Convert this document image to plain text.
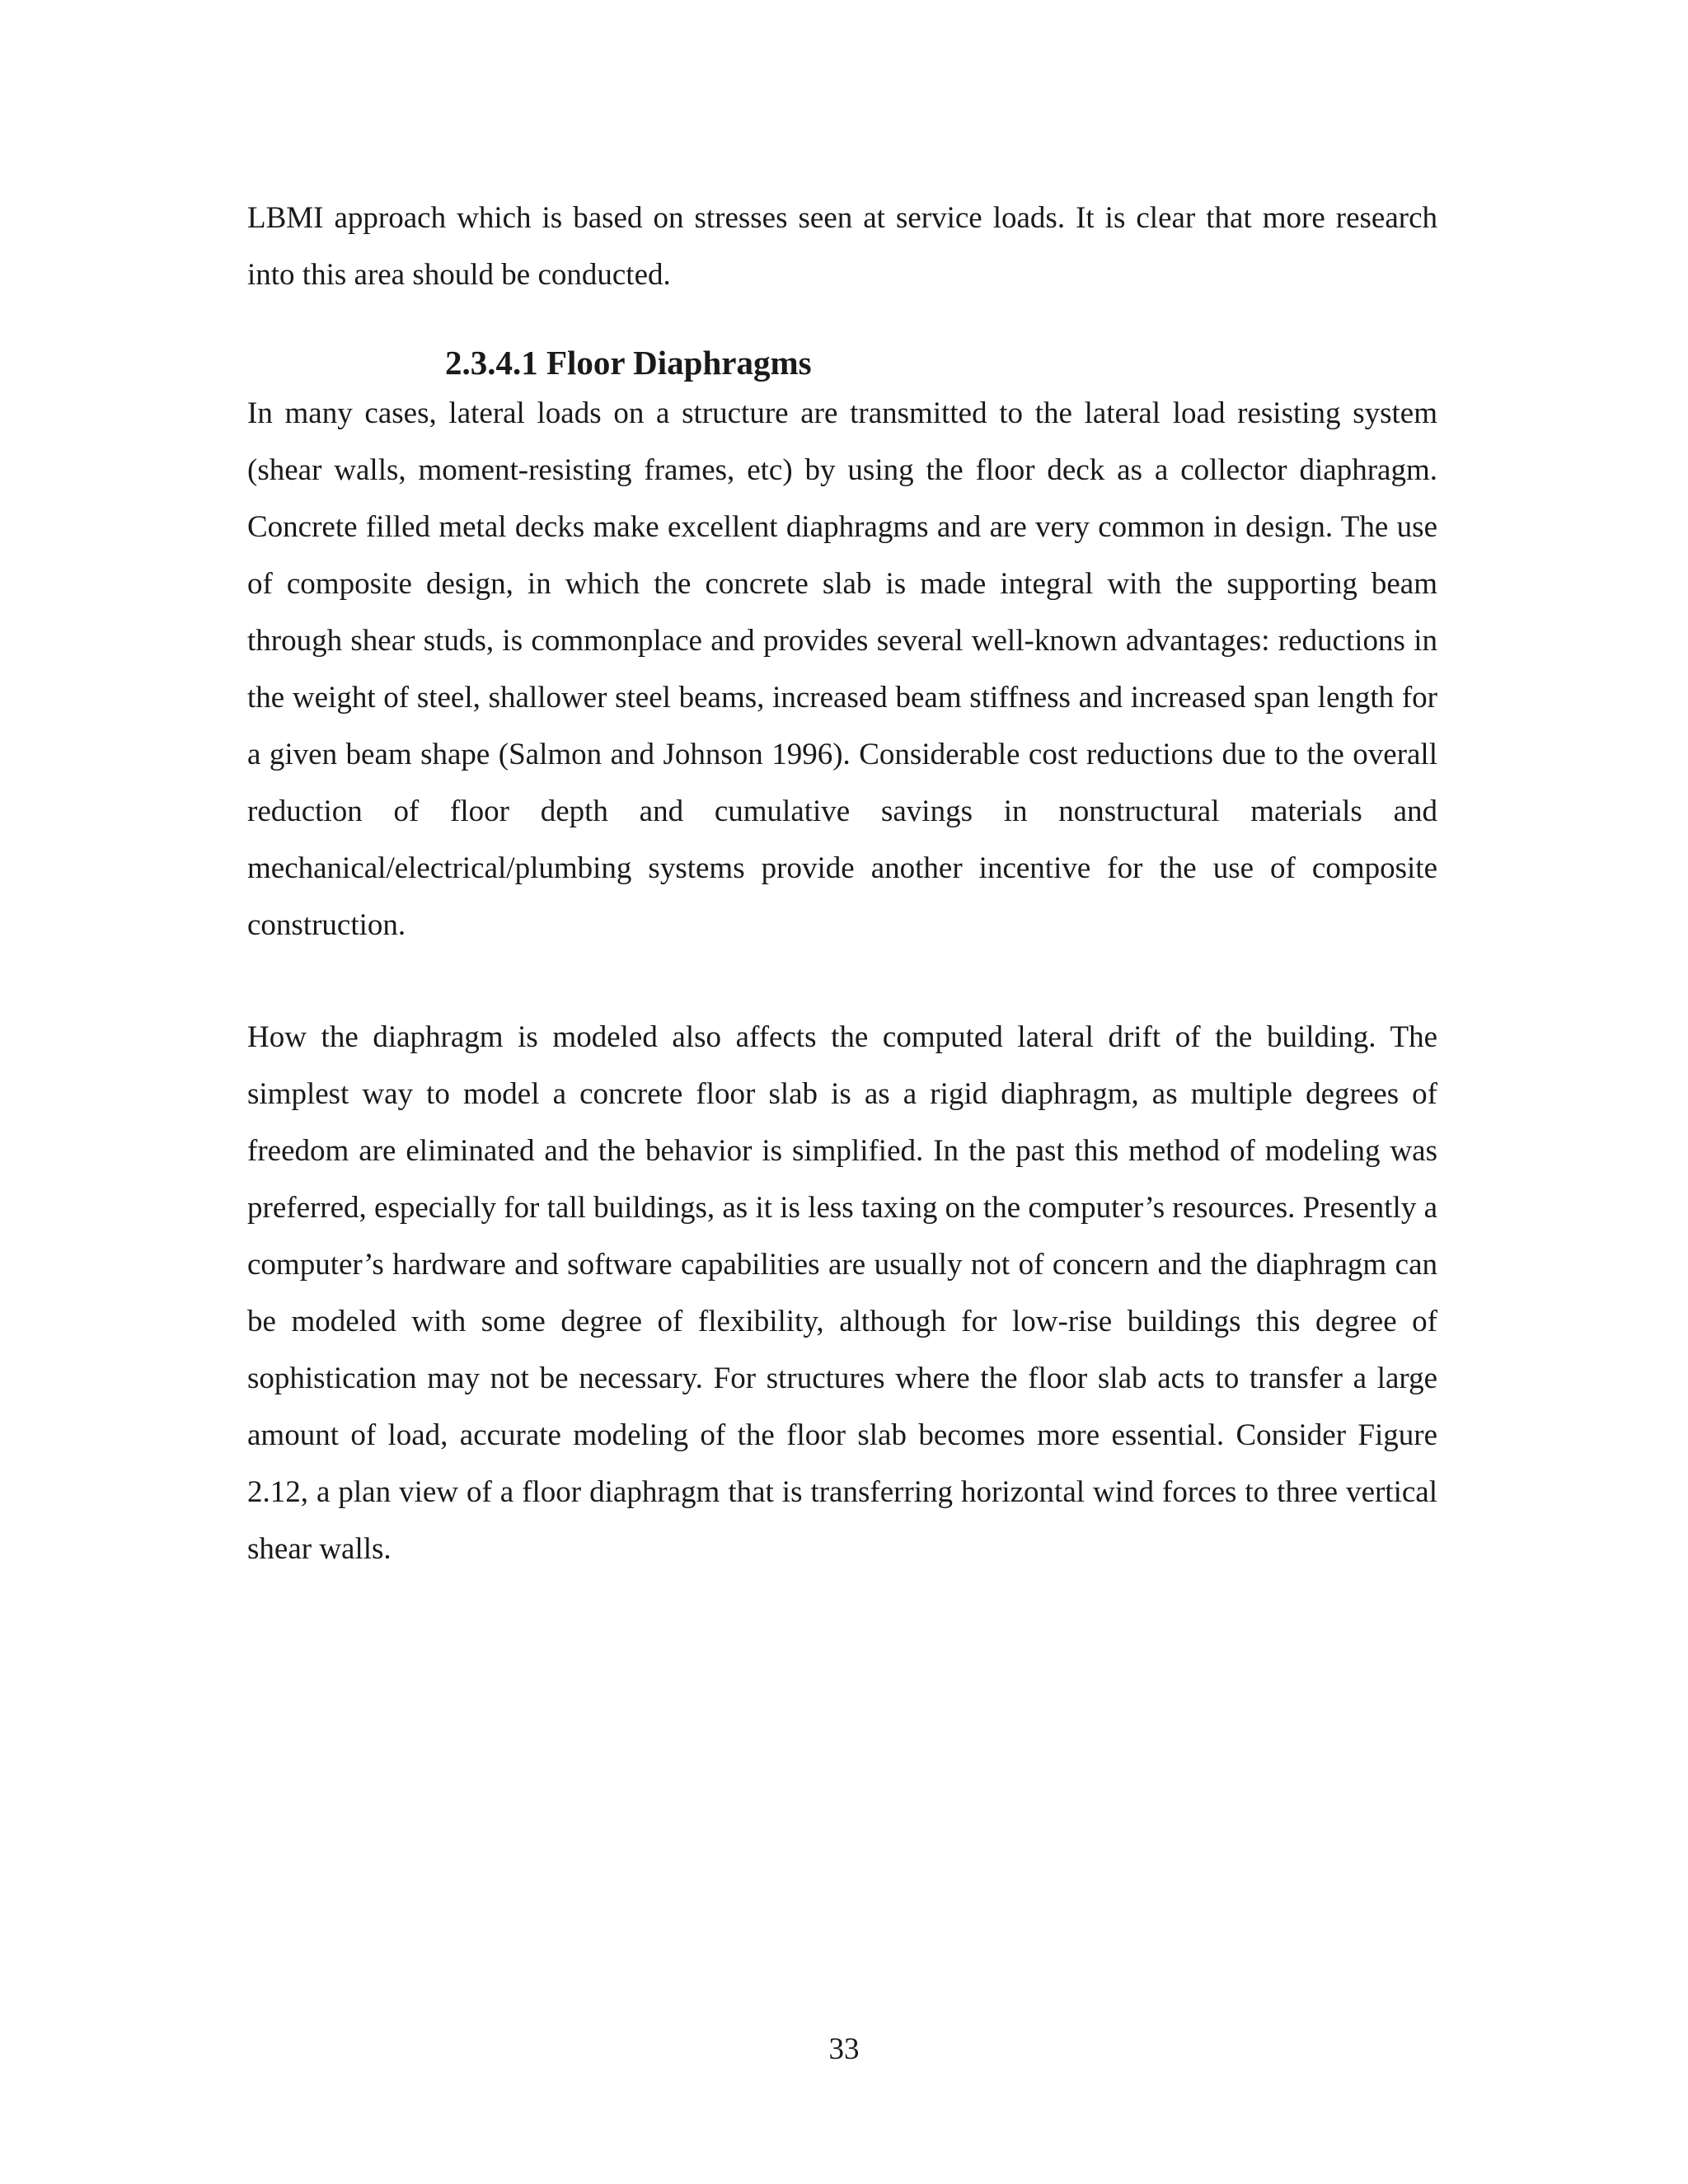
LBMI approach which is based on stresses seen at service loads. It is clear that more research into this area should be conducted.

2.3.4.1 Floor Diaphragms

In many cases, lateral loads on a structure are transmitted to the lateral load resisting system (shear walls, moment-resisting frames, etc) by using the floor deck as a collector diaphragm. Concrete filled metal decks make excellent diaphragms and are very common in design. The use of composite design, in which the concrete slab is made integral with the supporting beam through shear studs, is commonplace and provides several well-known advantages: reductions in the weight of steel, shallower steel beams, increased beam stiffness and increased span length for a given beam shape (Salmon and Johnson 1996). Considerable cost reductions due to the overall reduction of floor depth and cumulative savings in nonstructural materials and mechanical/electrical/plumbing systems provide another incentive for the use of composite construction.

How the diaphragm is modeled also affects the computed lateral drift of the building. The simplest way to model a concrete floor slab is as a rigid diaphragm, as multiple degrees of freedom are eliminated and the behavior is simplified. In the past this method of modeling was preferred, especially for tall buildings, as it is less taxing on the computer’s resources. Presently a computer’s hardware and software capabilities are usually not of concern and the diaphragm can be modeled with some degree of flexibility, although for low-rise buildings this degree of sophistication may not be necessary. For structures where the floor slab acts to transfer a large amount of load, accurate modeling of the floor slab becomes more essential. Consider Figure 2.12, a plan view of a floor diaphragm that is transferring horizontal wind forces to three vertical shear walls.

33
